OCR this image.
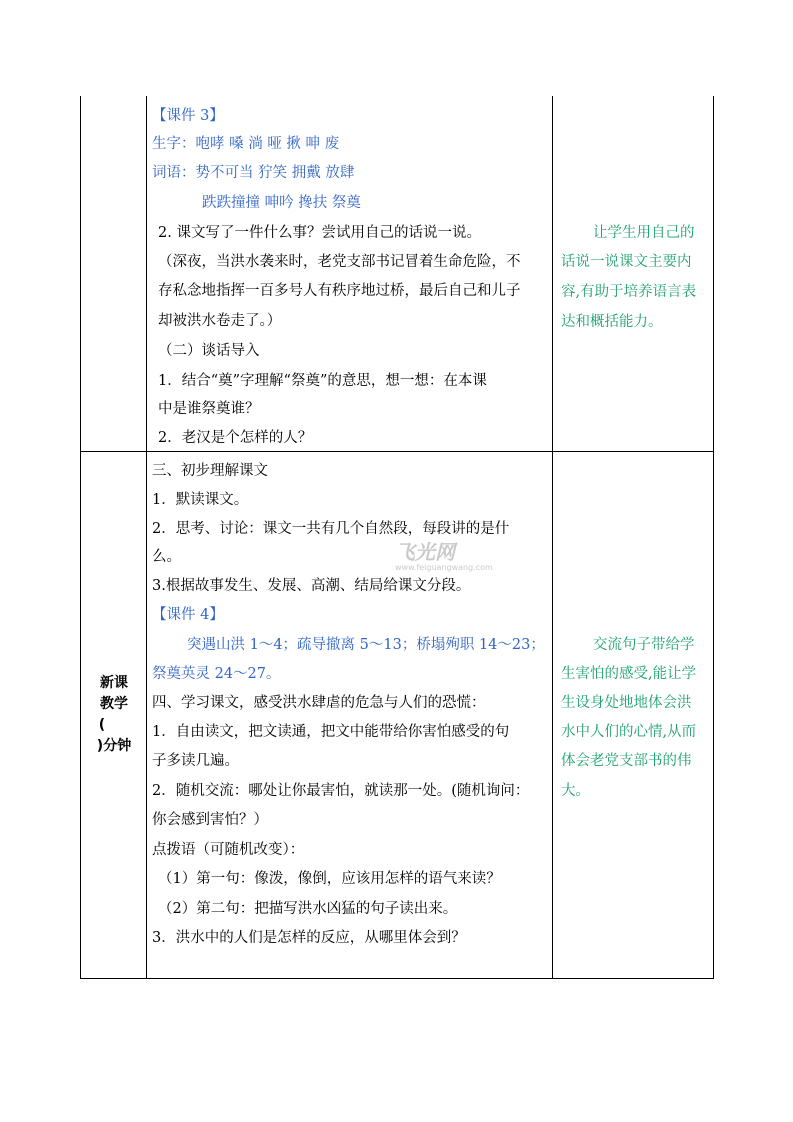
【课件 3】
生字：咆哮 嗓 淌 哑 揪 呻 废
词语：势不可当 狞笑 拥戴 放肆
跌跌撞撞 呻吟 搀扶 祭奠
2. 课文写了一件什么事？尝试用自己的话说一说。
（深夜，当洪水袭来时，老党支部书记冒着生命危险，不
存私念地指挥一百多号人有秩序地过桥，最后自己和儿子
却被洪水卷走了。）
（二）谈话导入
1．结合“奠”字理解“祭奠”的意思，想一想：在本课
中是谁祭奠谁？
2．老汉是个怎样的人？
让学生用自己的
话说一说课文主要内
容,有助于培养语言表
达和概括能力。
新课
教学
(
)分钟
三、初步理解课文
1．默读课文。
2．思考、讨论：课文一共有几个自然段，每段讲的是什
么。
3.根据故事发生、发展、高潮、结局给课文分段。
【课件 4】
突遇山洪 1～4；疏导撤离 5～13；桥塌殉职 14～23；
祭奠英灵 24～27。
四、学习课文，感受洪水肆虐的危急与人们的恐慌：
1．自由读文，把文读通，把文中能带给你害怕感受的句
子多读几遍。
2．随机交流：哪处让你最害怕，就读那一处。(随机询问：
你会感到害怕？）
点拨语（可随机改变）：
（1）第一句：像泼，像倒，应该用怎样的语气来读？
（2）第二句：把描写洪水凶猛的句子读出来。
3．洪水中的人们是怎样的反应，从哪里体会到？
交流句子带给学
生害怕的感受,能让学
生设身处地地体会洪
水中人们的心情,从而
体会老党支部书的伟
大。
飞光网
www.feiguangwang.com
